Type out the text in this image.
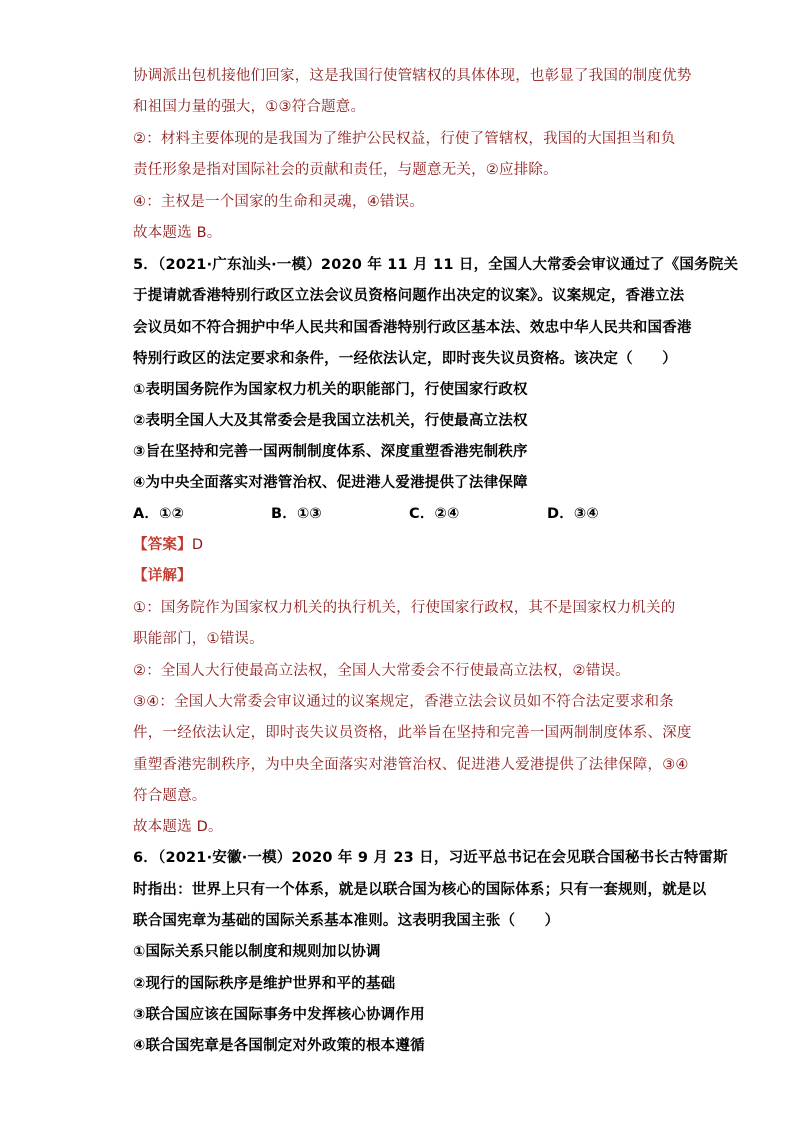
协调派出包机接他们回家，这是我国行使管辖权的具体体现，也彰显了我国的制度优势
和祖国力量的强大，①③符合题意。
②：材料主要体现的是我国为了维护公民权益，行使了管辖权，我国的大国担当和负
责任形象是指对国际社会的贡献和责任，与题意无关，②应排除。
④：主权是一个国家的生命和灵魂，④错误。
故本题选 B。
5．（2021·广东汕头·一模）2020 年 11 月 11 日，全国人大常委会审议通过了《国务院关
于提请就香港特别行政区立法会议员资格问题作出决定的议案》。议案规定，香港立法
会议员如不符合拥护中华人民共和国香港特别行政区基本法、效忠中华人民共和国香港
特别行政区的法定要求和条件，一经依法认定，即时丧失议员资格。该决定（　　）
①表明国务院作为国家权力机关的职能部门，行使国家行政权
②表明全国人大及其常委会是我国立法机关，行使最高立法权
③旨在坚持和完善一国两制制度体系、深度重塑香港宪制秩序
④为中央全面落实对港管治权、促进港人爱港提供了法律保障
A．①②	B．①③	C．②④	D．③④
【答案】D
【详解】
①：国务院作为国家权力机关的执行机关，行使国家行政权，其不是国家权力机关的
职能部门，①错误。
②：全国人大行使最高立法权，全国人大常委会不行使最高立法权，②错误。
③④：全国人大常委会审议通过的议案规定，香港立法会议员如不符合法定要求和条
件，一经依法认定，即时丧失议员资格，此举旨在坚持和完善一国两制制度体系、深度
重塑香港宪制秩序，为中央全面落实对港管治权、促进港人爱港提供了法律保障，③④
符合题意。
故本题选 D。
6．（2021·安徽·一模）2020 年 9 月 23 日，习近平总书记在会见联合国秘书长古特雷斯
时指出：世界上只有一个体系，就是以联合国为核心的国际体系；只有一套规则，就是以
联合国宪章为基础的国际关系基本准则。这表明我国主张（　　）
①国际关系只能以制度和规则加以协调
②现行的国际秩序是维护世界和平的基础
③联合国应该在国际事务中发挥核心协调作用
④联合国宪章是各国制定对外政策的根本遵循
